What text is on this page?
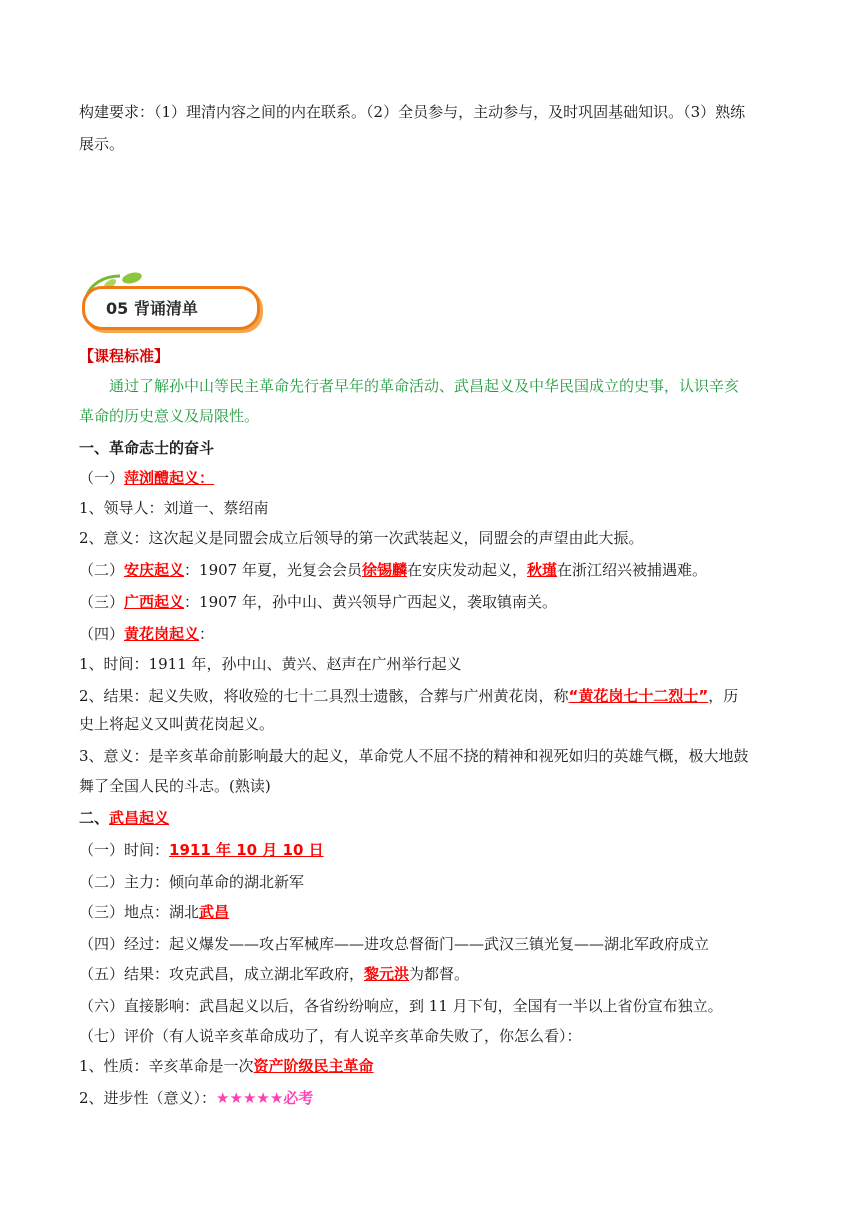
构建要求：（1）理清内容之间的内在联系。（2）全员参与，主动参与，及时巩固基础知识。（3）熟练
展示。
05 背诵清单
【课程标准】
通过了解孙中山等民主革命先行者早年的革命活动、武昌起义及中华民国成立的史事，认识辛亥
革命的历史意义及局限性。
一、革命志士的奋斗
（一）萍浏醴起义：
1、领导人：刘道一、蔡绍南
2、意义：这次起义是同盟会成立后领导的第一次武装起义，同盟会的声望由此大振。
（二）安庆起义：1907 年夏，光复会会员徐锡麟在安庆发动起义，秋瑾在浙江绍兴被捕遇难。
（三）广西起义：1907 年，孙中山、黄兴领导广西起义，袭取镇南关。
（四）黄花岗起义：
1、时间：1911 年，孙中山、黄兴、赵声在广州举行起义
2、结果：起义失败，将收殓的七十二具烈士遗骸，合葬与广州黄花岗，称“黄花岗七十二烈士”，历
史上将起义又叫黄花岗起义。
3、意义：是辛亥革命前影响最大的起义，革命党人不屈不挠的精神和视死如归的英雄气概，极大地鼓
舞了全国人民的斗志。(熟读)
二、武昌起义
（一）时间：1911 年 10 月 10 日
（二）主力：倾向革命的湖北新军
（三）地点：湖北武昌
（四）经过：起义爆发——攻占军械库——进攻总督衙门——武汉三镇光复——湖北军政府成立
（五）结果：攻克武昌，成立湖北军政府，黎元洪为都督。
（六）直接影响：武昌起义以后，各省纷纷响应，到 11 月下旬，全国有一半以上省份宣布独立。
（七）评价（有人说辛亥革命成功了，有人说辛亥革命失败了，你怎么看）：
1、性质：辛亥革命是一次资产阶级民主革命
2、进步性（意义）：★★★★★必考
